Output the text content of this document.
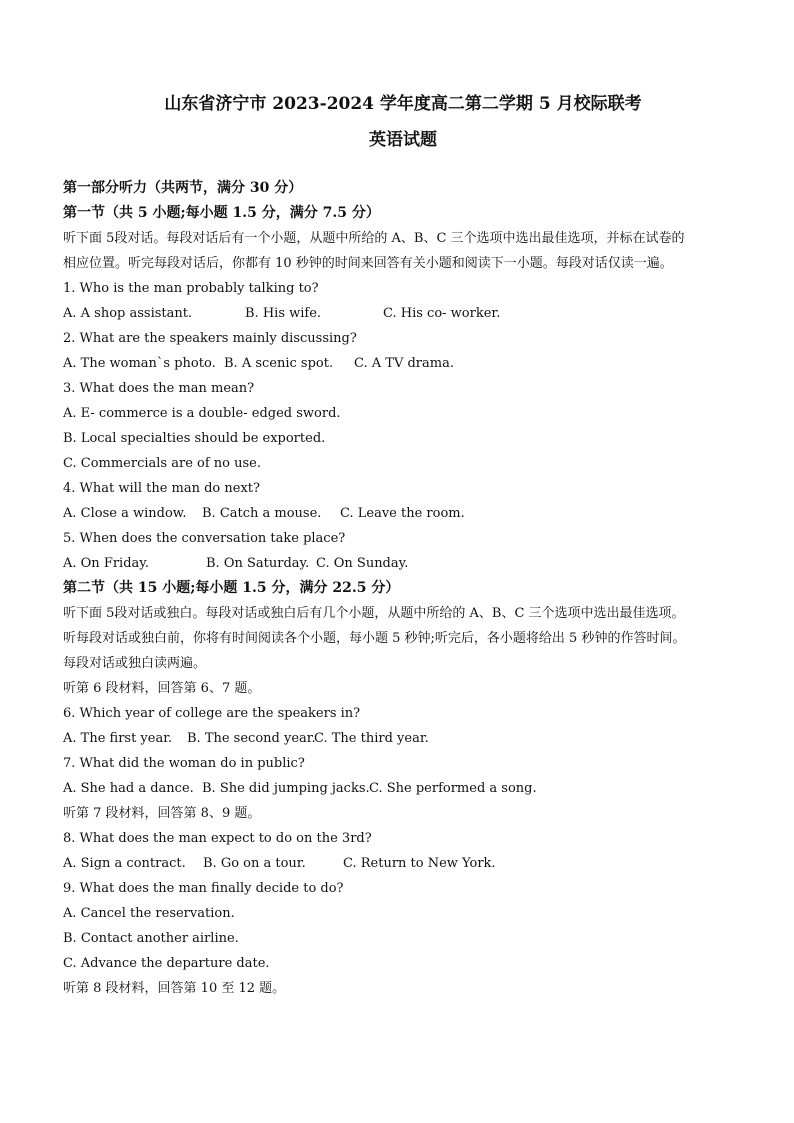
山东省济宁市 2023-2024 学年度高二第二学期 5 月校际联考
英语试题
第一部分听力（共两节，满分 30 分）
第一节（共 5 小题;每小题 1.5 分，满分 7.5 分）
听下面 5段对话。每段对话后有一个小题，从题中所给的 A、B、C 三个选项中选出最佳选项，并标在试卷的
相应位置。听完每段对话后，你都有 10 秒钟的时间来回答有关小题和阅读下一小题。每段对话仅读一遍。
1. Who is the man probably talking to?
A. A shop assistant.	B. His wife.	C. His co- worker.
2. What are the speakers mainly discussing?
A. The woman`s photo. B. A scenic spot. C. A TV drama.
3. What does the man mean?
A. E- commerce is a double- edged sword.
B. Local specialties should be exported.
C. Commercials are of no use.
4. What will the man do next?
A. Close a window. B. Catch a mouse. C. Leave the room.
5. When does the conversation take place?
A. On Friday.	B. On Saturday. C. On Sunday.
第二节（共 15 小题;每小题 1.5 分，满分 22.5 分）
听下面 5段对话或独白。每段对话或独白后有几个小题，从题中所给的 A、B、C 三个选项中选出最佳选项。
听每段对话或独白前，你将有时间阅读各个小题，每小题 5 秒钟;听完后，各小题将给出 5 秒钟的作答时间。
每段对话或独白读两遍。
听第 6 段材料，回答第 6、7 题。
6. Which year of college are the speakers in?
A. The first year. B. The second year.C. The third year.
7. What did the woman do in public?
A. She had a dance. B. She did jumping jacks.C. She performed a song.
听第 7 段材料，回答第 8、9 题。
8. What does the man expect to do on the 3rd?
A. Sign a contract. B. Go on a tour.	C. Return to New York.
9. What does the man finally decide to do?
A. Cancel the reservation.
B. Contact another airline.
C. Advance the departure date.
听第 8 段材料，回答第 10 至 12 题。
